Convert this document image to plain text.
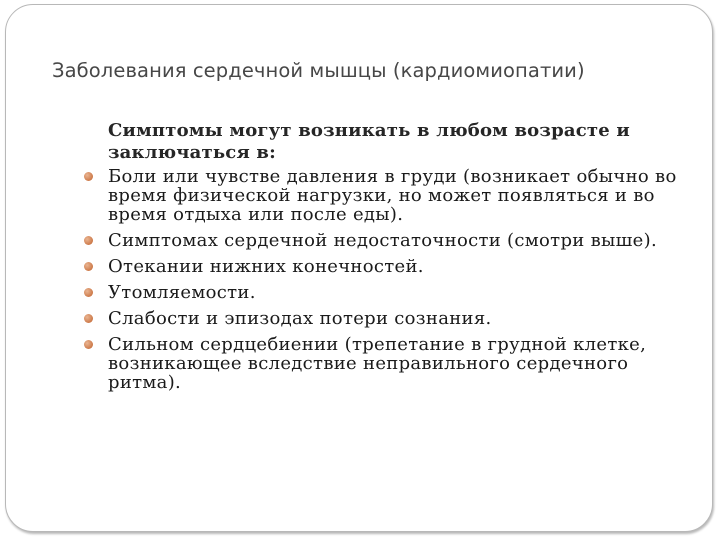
Заболевания сердечной мышцы (кардиомиопатии)

Симптомы могут возникать в любом возрасте и заключаться в:

Боли или чувстве давления в груди (возникает обычно во время физической нагрузки, но может появляться и во время отдыха или после еды).
Симптомах сердечной недостаточности (смотри выше).
Отекании нижних конечностей.
Утомляемости.
Слабости и эпизодах потери сознания.
Сильном сердцебиении (трепетание в грудной клетке, возникающее вследствие неправильного сердечного ритма).
